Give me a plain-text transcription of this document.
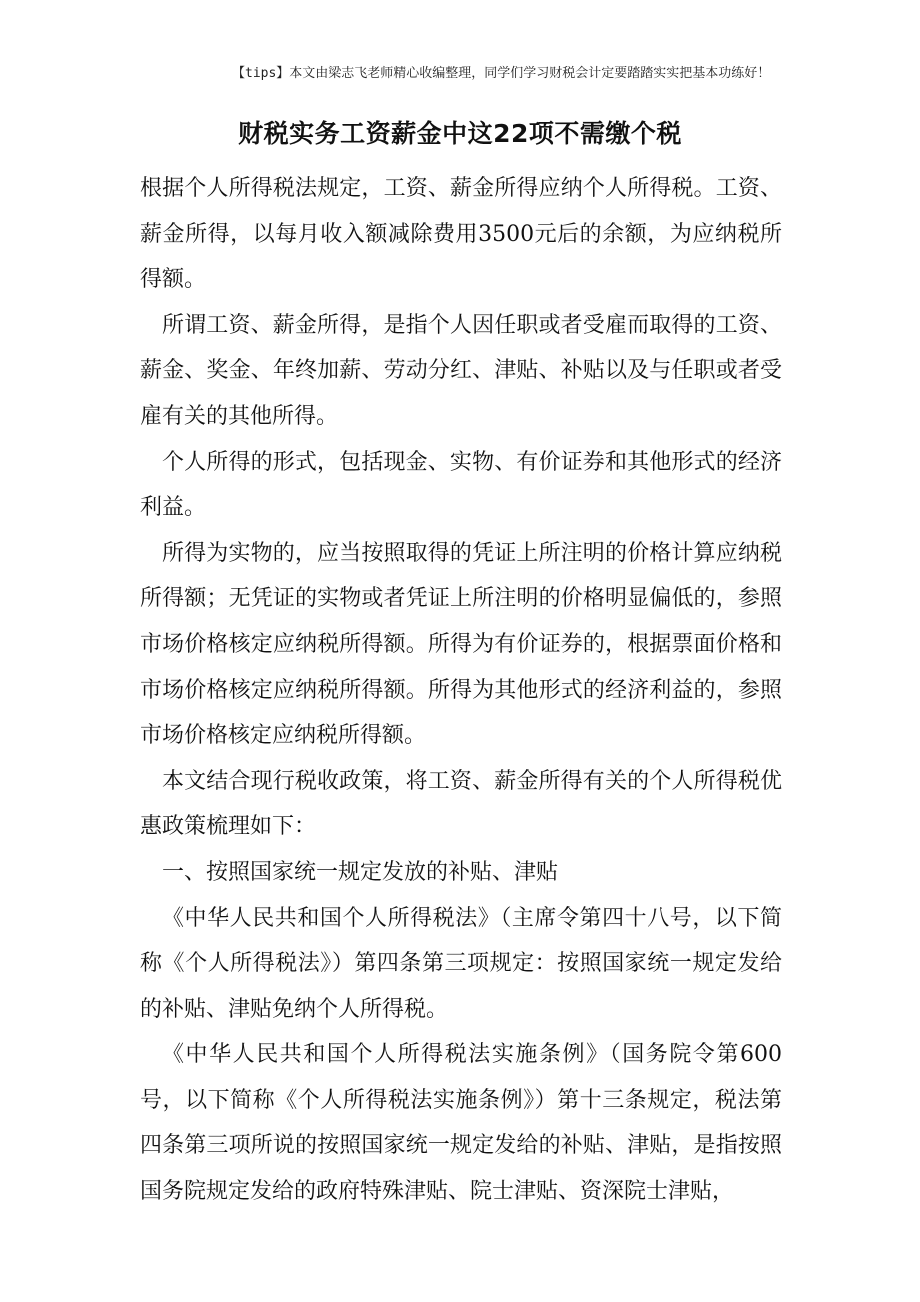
【tips】本文由梁志飞老师精心收编整理，同学们学习财税会计定要踏踏实实把基本功练好！
财税实务工资薪金中这22项不需缴个税

根据个人所得税法规定，工资、薪金所得应纳个人所得税。工资、薪金所得，以每月收入额减除费用3500元后的余额，为应纳税所得额。

所谓工资、薪金所得，是指个人因任职或者受雇而取得的工资、薪金、奖金、年终加薪、劳动分红、津贴、补贴以及与任职或者受雇有关的其他所得。

个人所得的形式，包括现金、实物、有价证券和其他形式的经济利益。

所得为实物的，应当按照取得的凭证上所注明的价格计算应纳税所得额；无凭证的实物或者凭证上所注明的价格明显偏低的，参照市场价格核定应纳税所得额。所得为有价证券的，根据票面价格和市场价格核定应纳税所得额。所得为其他形式的经济利益的，参照市场价格核定应纳税所得额。

本文结合现行税收政策，将工资、薪金所得有关的个人所得税优惠政策梳理如下：

一、按照国家统一规定发放的补贴、津贴

《中华人民共和国个人所得税法》（主席令第四十八号，以下简称《个人所得税法》）第四条第三项规定：按照国家统一规定发给的补贴、津贴免纳个人所得税。

《中华人民共和国个人所得税法实施条例》（国务院令第600号，以下简称《个人所得税法实施条例》）第十三条规定，税法第四条第三项所说的按照国家统一规定发给的补贴、津贴，是指按照国务院规定发给的政府特殊津贴、院士津贴、资深院士津贴，
